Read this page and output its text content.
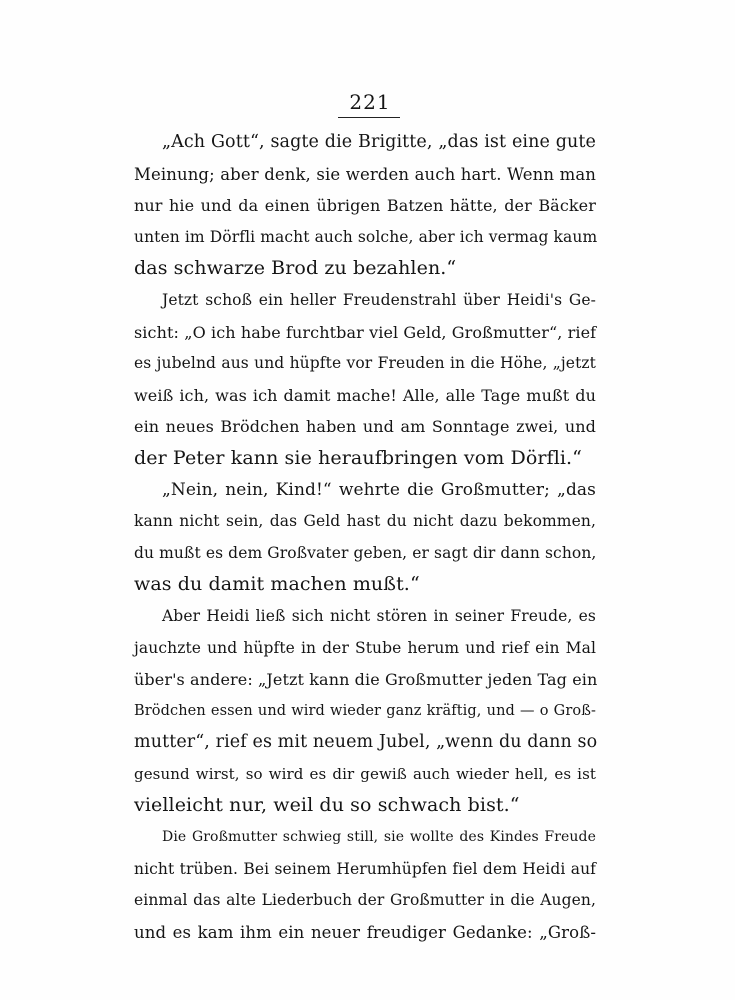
221
„Ach Gott“, sagte die Brigitte, „das ist eine gute
Meinung; aber denk, sie werden auch hart. Wenn man
nur hie und da einen übrigen Batzen hätte, der Bäcker
unten im Dörfli macht auch solche, aber ich vermag kaum
das schwarze Brod zu bezahlen.“
Jetzt schoß ein heller Freudenstrahl über Heidi's Ge-
sicht: „O ich habe furchtbar viel Geld, Großmutter“, rief
es jubelnd aus und hüpfte vor Freuden in die Höhe, „jetzt
weiß ich, was ich damit mache! Alle, alle Tage mußt du
ein neues Brödchen haben und am Sonntage zwei, und
der Peter kann sie heraufbringen vom Dörfli.“
„Nein, nein, Kind!“ wehrte die Großmutter; „das
kann nicht sein, das Geld hast du nicht dazu bekommen,
du mußt es dem Großvater geben, er sagt dir dann schon,
was du damit machen mußt.“
Aber Heidi ließ sich nicht stören in seiner Freude, es
jauchzte und hüpfte in der Stube herum und rief ein Mal
über's andere: „Jetzt kann die Großmutter jeden Tag ein
Brödchen essen und wird wieder ganz kräftig, und — o Groß-
mutter“, rief es mit neuem Jubel, „wenn du dann so
gesund wirst, so wird es dir gewiß auch wieder hell, es ist
vielleicht nur, weil du so schwach bist.“
Die Großmutter schwieg still, sie wollte des Kindes Freude
nicht trüben. Bei seinem Herumhüpfen fiel dem Heidi auf
einmal das alte Liederbuch der Großmutter in die Augen,
und es kam ihm ein neuer freudiger Gedanke: „Groß-
